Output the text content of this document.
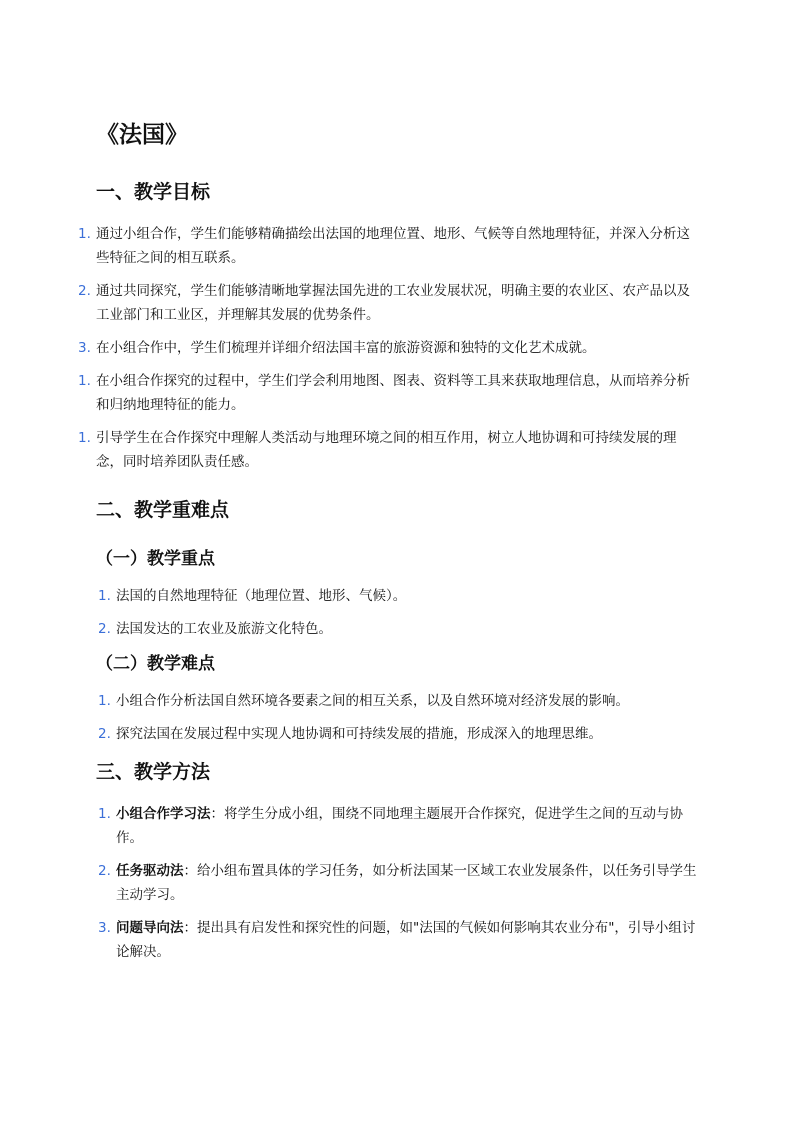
《法国》
一、教学目标
1. 通过小组合作，学生们能够精确描绘出法国的地理位置、地形、气候等自然地理特征，并深入分析这些特征之间的相互联系。
2. 通过共同探究，学生们能够清晰地掌握法国先进的工农业发展状况，明确主要的农业区、农产品以及工业部门和工业区，并理解其发展的优势条件。
3. 在小组合作中，学生们梳理并详细介绍法国丰富的旅游资源和独特的文化艺术成就。
1. 在小组合作探究的过程中，学生们学会利用地图、图表、资料等工具来获取地理信息，从而培养分析和归纳地理特征的能力。
1. 引导学生在合作探究中理解人类活动与地理环境之间的相互作用，树立人地协调和可持续发展的理念，同时培养团队责任感。
二、教学重难点
（一）教学重点
1. 法国的自然地理特征（地理位置、地形、气候）。
2. 法国发达的工农业及旅游文化特色。
（二）教学难点
1. 小组合作分析法国自然环境各要素之间的相互关系，以及自然环境对经济发展的影响。
2. 探究法国在发展过程中实现人地协调和可持续发展的措施，形成深入的地理思维。
三、教学方法
1. 小组合作学习法：将学生分成小组，围绕不同地理主题展开合作探究，促进学生之间的互动与协作。
2. 任务驱动法：给小组布置具体的学习任务，如分析法国某一区域工农业发展条件，以任务引导学生主动学习。
3. 问题导向法：提出具有启发性和探究性的问题，如"法国的气候如何影响其农业分布"，引导小组讨论解决。
